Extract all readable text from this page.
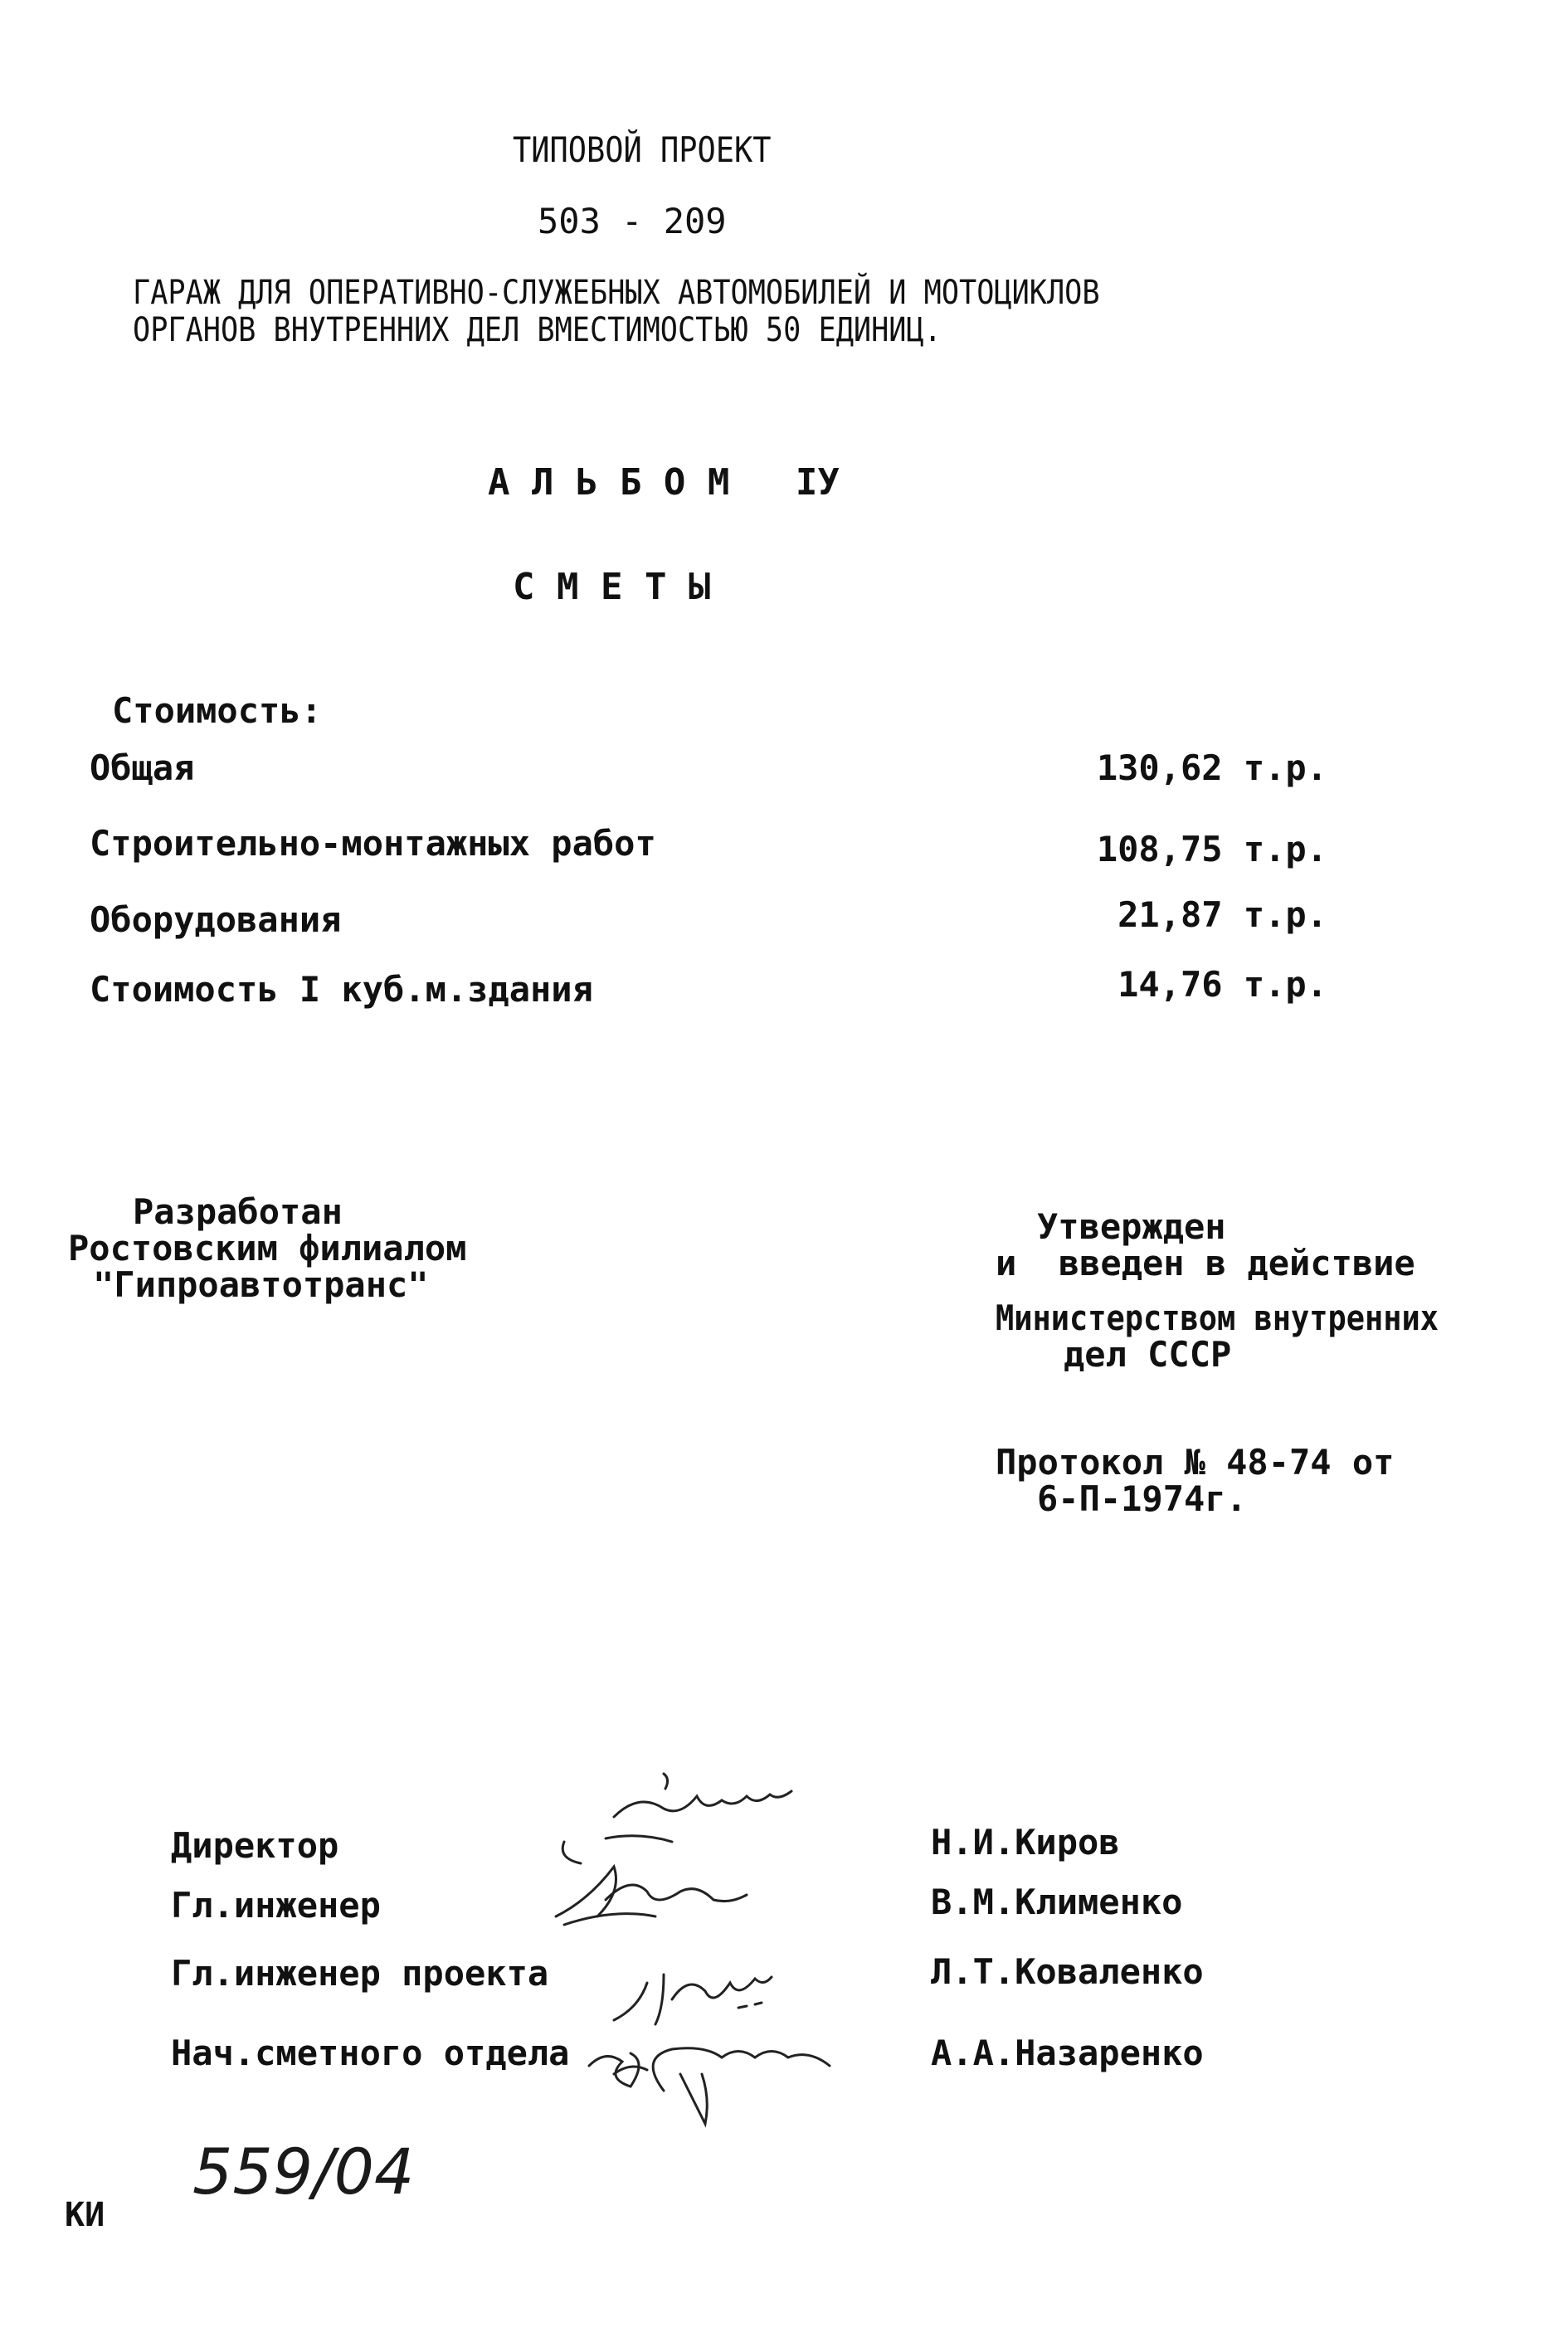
ТИПОВОЙ ПРОЕКТ
503 - 209
ГАРАЖ ДЛЯ ОПЕРАТИВНО-СЛУЖЕБНЫХ АВТОМОБИЛЕЙ И МОТОЦИКЛОВ
ОРГАНОВ ВНУТРЕННИХ ДЕЛ ВМЕСТИМОСТЬЮ 50 ЕДИНИЦ.
А Л Ь Б О М   IУ
С М Е Т Ы
Стоимость:
Общая	130,62 т.р.
Строительно-монтажных работ	108,75 т.р.
Оборудования	21,87 т.р.
Стоимость I куб.м.здания	14,76 т.р.
Разработан
Ростовским филиалом
"Гипроавтотранс"
Утвержден
и  введен в действие
Министерством внутренних
дел СССР
Протокол № 48-74 от
6-П-1974г.
Директор	Н.И.Киров
Гл.инженер	В.М.Клименко
Гл.инженер проекта	Л.Т.Коваленко
Нач.сметного отдела	А.А.Назаренко
559/04
КИ
